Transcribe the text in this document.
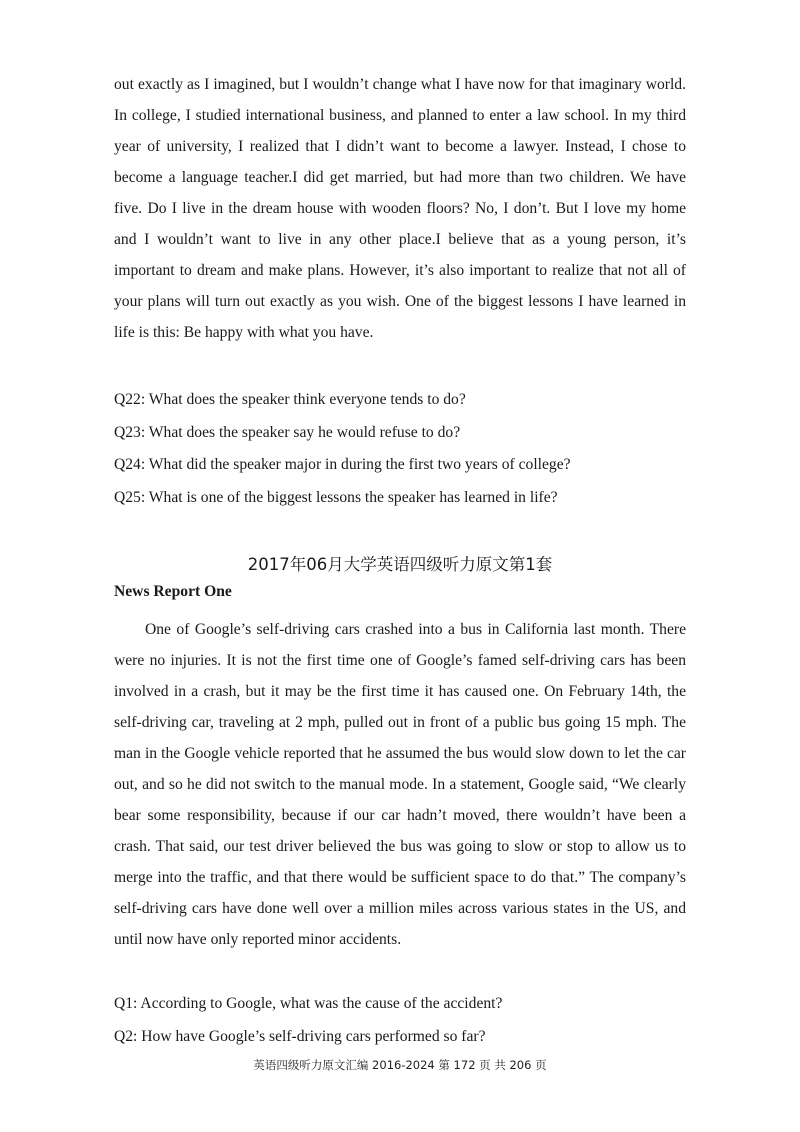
out exactly as I imagined, but I wouldn’t change what I have now for that imaginary world. In college, I studied international business, and planned to enter a law school. In my third year of university, I realized that I didn’t want to become a lawyer. Instead, I chose to become a language teacher.I did get married, but had more than two children. We have five. Do I live in the dream house with wooden floors? No, I don’t. But I love my home and I wouldn’t want to live in any other place.I believe that as a young person, it’s important to dream and make plans. However, it’s also important to realize that not all of your plans will turn out exactly as you wish. One of the biggest lessons I have learned in life is this: Be happy with what you have.

Q22: What does the speaker think everyone tends to do?

Q23: What does the speaker say he would refuse to do?

Q24: What did the speaker major in during the first two years of college?

Q25: What is one of the biggest lessons the speaker has learned in life?

2017年06月大学英语四级听力原文第1套
News Report One

One of Google’s self-driving cars crashed into a bus in California last month. There were no injuries. It is not the first time one of Google’s famed self-driving cars has been involved in a crash, but it may be the first time it has caused one. On February 14th, the self-driving car, traveling at 2 mph, pulled out in front of a public bus going 15 mph. The man in the Google vehicle reported that he assumed the bus would slow down to let the car out, and so he did not switch to the manual mode. In a statement, Google said, “We clearly bear some responsibility, because if our car hadn’t moved, there wouldn’t have been a crash. That said, our test driver believed the bus was going to slow or stop to allow us to merge into the traffic, and that there would be sufficient space to do that.” The company’s self-driving cars have done well over a million miles across various states in the US, and until now have only reported minor accidents.

Q1: According to Google, what was the cause of the accident?

Q2: How have Google’s self-driving cars performed so far?

英语四级听力原文汇编 2016-2024 第 172 页 共 206 页
